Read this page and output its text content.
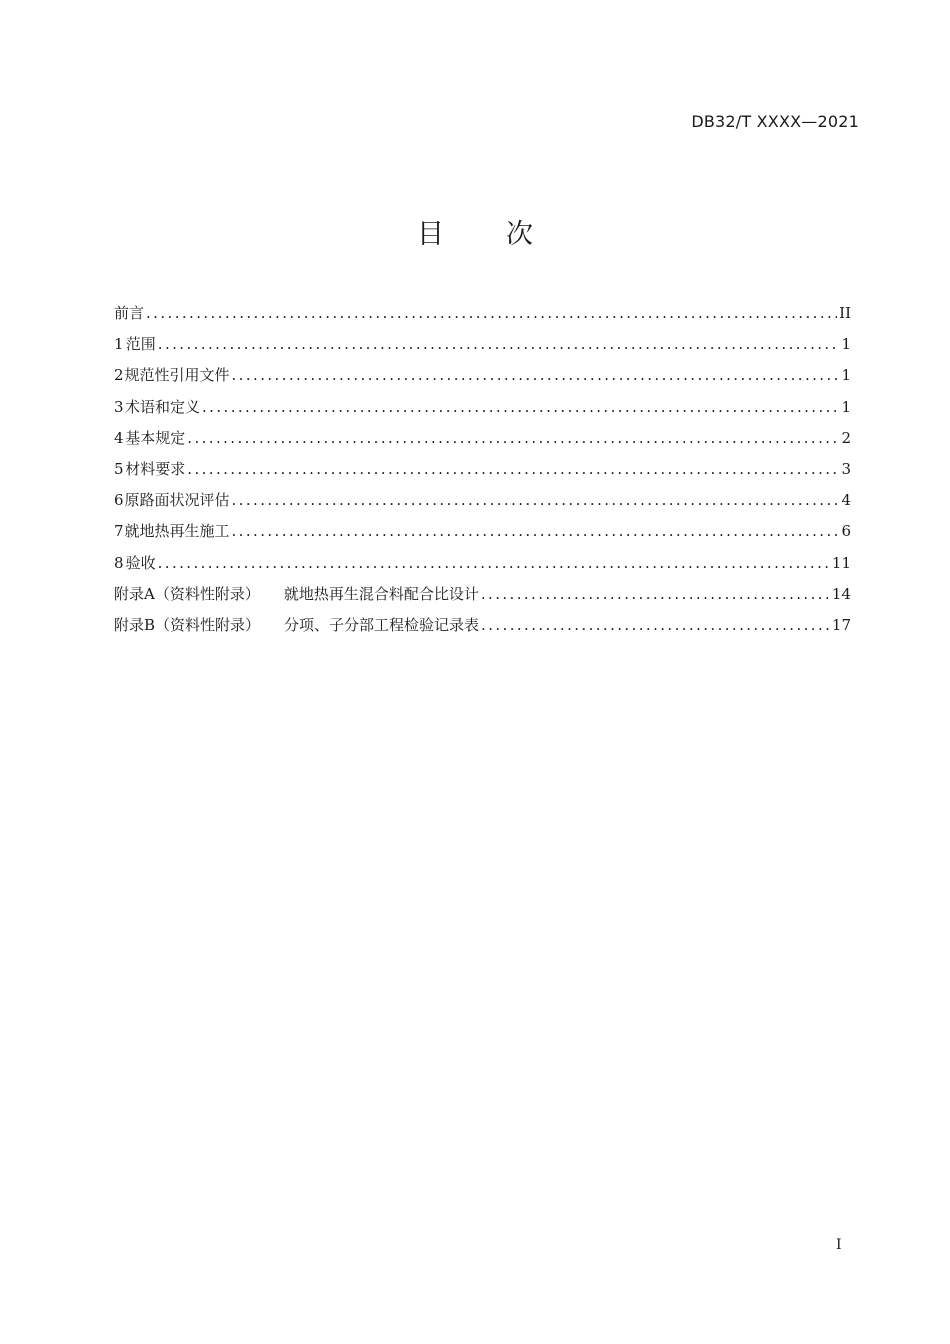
DB32/T XXXX—2021
目 次
前言 .....	II
1 范围 .....	1
2 规范性引用文件 .....	1
3 术语和定义 .....	1
4 基本规定 .....	2
5 材料要求 .....	3
6 原路面状况评估 .....	4
7 就地热再生施工 .....	6
8 验收 .....	11
附录A（资料性附录） 就地热再生混合料配合比设计 .....	14
附录B（资料性附录） 分项、子分部工程检验记录表 .....	17
I
